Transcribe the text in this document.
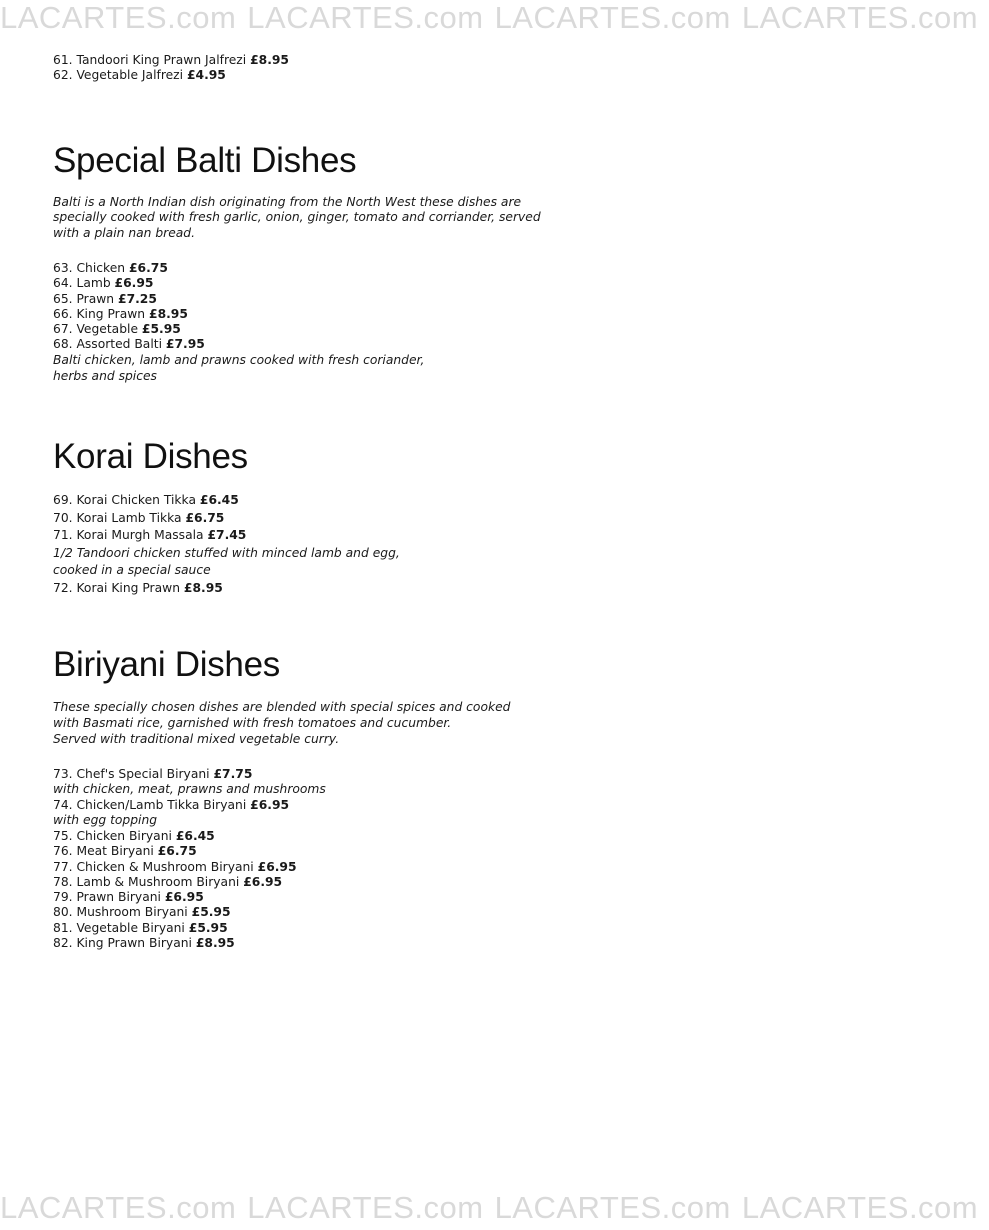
LACARTES.com LACARTES.com LACARTES.com LACARTES.com
61. Tandoori King Prawn Jalfrezi £8.95
62. Vegetable Jalfrezi £4.95
Special Balti Dishes
Balti is a North Indian dish originating from the North West these dishes are
specially cooked with fresh garlic, onion, ginger, tomato and corriander, served
with a plain nan bread.
63. Chicken £6.75
64. Lamb £6.95
65. Prawn £7.25
66. King Prawn £8.95
67. Vegetable £5.95
68. Assorted Balti £7.95
Balti chicken, lamb and prawns cooked with fresh coriander,
herbs and spices
Korai Dishes
69. Korai Chicken Tikka £6.45
70. Korai Lamb Tikka £6.75
71. Korai Murgh Massala £7.45
1/2 Tandoori chicken stuffed with minced lamb and egg,
cooked in a special sauce
72. Korai King Prawn £8.95
Biriyani Dishes
These specially chosen dishes are blended with special spices and cooked
with Basmati rice, garnished with fresh tomatoes and cucumber.
Served with traditional mixed vegetable curry.
73. Chef's Special Biryani £7.75
with chicken, meat, prawns and mushrooms
74. Chicken/Lamb Tikka Biryani £6.95
with egg topping
75. Chicken Biryani £6.45
76. Meat Biryani £6.75
77. Chicken & Mushroom Biryani £6.95
78. Lamb & Mushroom Biryani £6.95
79. Prawn Biryani £6.95
80. Mushroom Biryani £5.95
81. Vegetable Biryani £5.95
82. King Prawn Biryani £8.95
LACARTES.com LACARTES.com LACARTES.com LACARTES.com
